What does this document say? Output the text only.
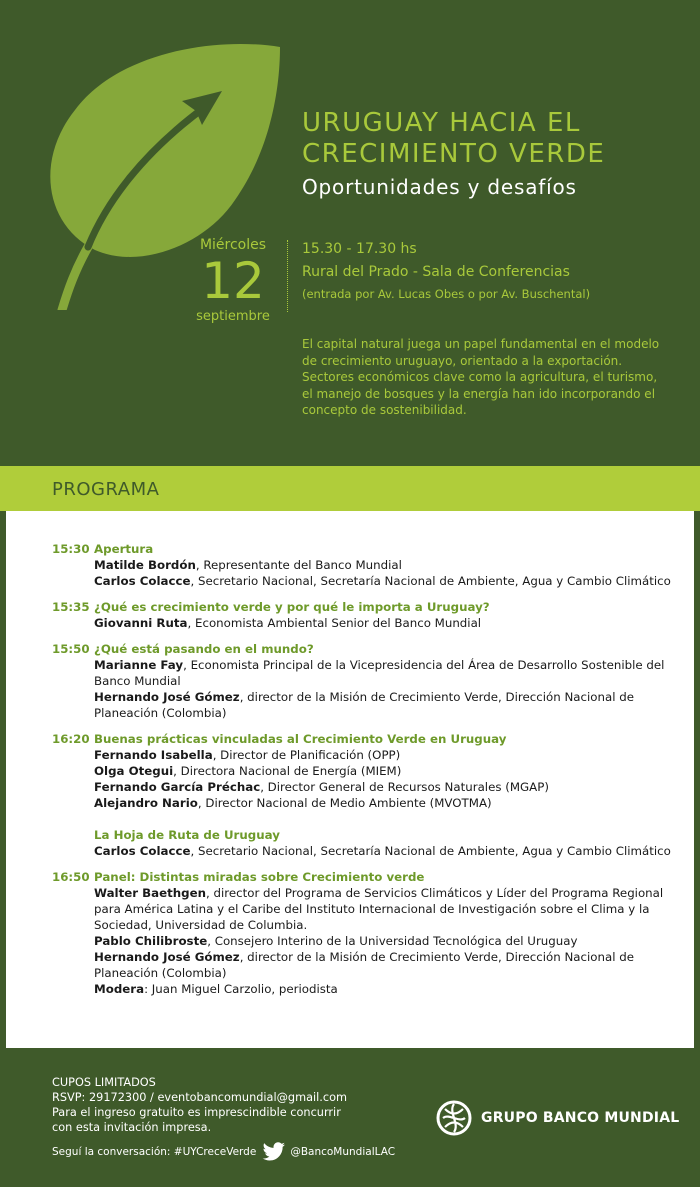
URUGUAY HACIA EL
CRECIMIENTO VERDE
Oportunidades y desafíos
Miércoles
12
septiembre
15.30 - 17.30 hs
Rural del Prado - Sala de Conferencias
(entrada por Av. Lucas Obes o por Av. Buschental)
El capital natural juega un papel fundamental en el modelo de crecimiento uruguayo, orientado a la exportación. Sectores económicos clave como la agricultura, el turismo, el manejo de bosques y la energía han ido incorporando el concepto de sostenibilidad.
PROGRAMA
15:30 Apertura
Matilde Bordón, Representante del Banco Mundial
Carlos Colacce, Secretario Nacional, Secretaría Nacional de Ambiente, Agua y Cambio Climático
15:35 ¿Qué es crecimiento verde y por qué le importa a Uruguay?
Giovanni Ruta, Economista Ambiental Senior del Banco Mundial
15:50 ¿Qué está pasando en el mundo?
Marianne Fay, Economista Principal de la Vicepresidencia del Área de Desarrollo Sostenible del Banco Mundial
Hernando José Gómez, director de la Misión de Crecimiento Verde, Dirección Nacional de Planeación (Colombia)
16:20 Buenas prácticas vinculadas al Crecimiento Verde en Uruguay
Fernando Isabella, Director de Planificación (OPP)
Olga Otegui, Directora Nacional de Energía (MIEM)
Fernando García Préchac, Director General de Recursos Naturales (MGAP)
Alejandro Nario, Director Nacional de Medio Ambiente (MVOTMA)
La Hoja de Ruta de Uruguay
Carlos Colacce, Secretario Nacional, Secretaría Nacional de Ambiente, Agua y Cambio Climático
16:50 Panel: Distintas miradas sobre Crecimiento verde
Walter Baethgen, director del Programa de Servicios Climáticos y Líder del Programa Regional para América Latina y el Caribe del Instituto Internacional de Investigación sobre el Clima y la Sociedad, Universidad de Columbia.
Pablo Chilibroste, Consejero Interino de la Universidad Tecnológica del Uruguay
Hernando José Gómez, director de la Misión de Crecimiento Verde, Dirección Nacional de Planeación (Colombia)
Modera: Juan Miguel Carzolio, periodista
CUPOS LIMITADOS
RSVP: 29172300 / eventobancomundial@gmail.com
Para el ingreso gratuito es imprescindible concurrir
con esta invitación impresa.
Seguí la conversación: #UYCreceVerde	@BancoMundialLAC
GRUPO BANCO MUNDIAL
